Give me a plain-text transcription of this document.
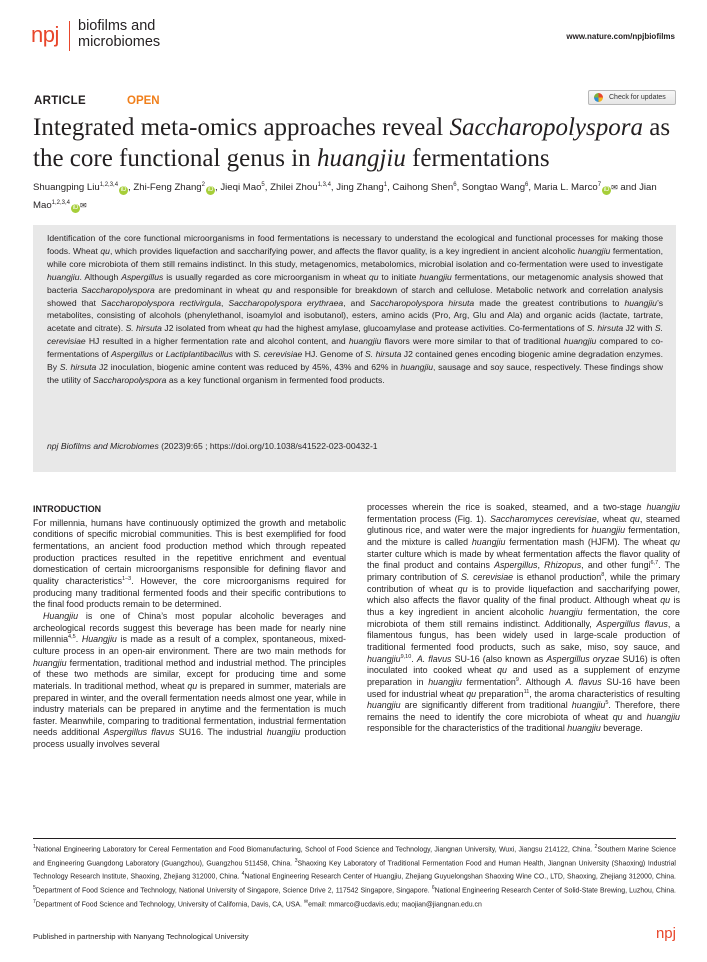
npj biofilms and
microbiomes	www.nature.com/npjbiofilms
ARTICLE	OPEN	Check for updates
Integrated meta-omics approaches reveal Saccharopolyspora as
the core functional genus in huangjiu fermentations
Shuangping Liu$^{1,2,3,4}$iD , Zhi-Feng Zhang$^2$iD , Jieqi Mao$^5$, Zhilei Zhou$^{1,3,4}$, Jing Zhang$^1$, Caihong Shen$^6$, Songtao Wang$^6$, Maria L. Marco$^7$iD ✉ and Jian Mao$^{1,2,3,4}$iD ✉
Identification of the core functional microorganisms in food fermentations is necessary to understand the ecological and functional processes for making those foods. Wheat qu, which provides liquefaction and saccharifying power, and affects the flavor quality, is a key ingredient in ancient alcoholic huangjiu fermentation, while core microbiota of them still remains indistinct. In this study, metagenomics, metabolomics, microbial isolation and co-fermentation were used to investigate huangjiu. Although Aspergillus is usually regarded as core microorganism in wheat qu to initiate huangjiu fermentations, our metagenomic analysis showed that bacteria Saccharopolyspora are predominant in wheat qu and responsible for breakdown of starch and cellulose. Metabolic network and correlation analysis showed that Saccharopolyspora rectivirgula, Saccharopolyspora erythraea, and Saccharopolyspora hirsuta made the greatest contributions to huangjiu’s metabolites, consisting of alcohols (phenylethanol, isoamylol and isobutanol), esters, amino acids (Pro, Arg, Glu and Ala) and organic acids (lactate, tartrate, acetate and citrate). S. hirsuta J2 isolated from wheat qu had the highest amylase, glucoamylase and protease activities. Co-fermentations of S. hirsuta J2 with S. cerevisiae HJ resulted in a higher fermentation rate and alcohol content, and huangjiu flavors were more similar to that of traditional huangjiu compared to co-fermentations of Aspergillus or Lactiplantibacillus with S. cerevisiae HJ. Genome of S. hirsuta J2 contained genes encoding biogenic amine degradation enzymes. By S. hirsuta J2 inoculation, biogenic amine content was reduced by 45%, 43% and 62% in huangjiu, sausage and soy sauce, respectively. These findings show the utility of Saccharopolyspora as a key functional organism in fermented food products.
npj Biofilms and Microbiomes (2023)9:65 ; https://doi.org/10.1038/s41522-023-00432-1
INTRODUCTION

For millennia, humans have continuously optimized the growth and metabolic conditions of specific microbial communities. This is best exemplified for food fermentations, an ancient food production method which through repeated production practices resulted in the repetitive enrichment and eventual domestication of certain microorganisms responsible for defining flavor and quality characteristics$^{1-3}$. However, the core microorganisms required for producing many traditional fermented foods and their specific contributions to the final food products remain to be determined.

Huangjiu is one of China’s most popular alcoholic beverages and archeological records suggest this beverage has been made for nearly nine millennia$^{4,5}$. Huangjiu is made as a result of a complex, spontaneous, mixed-culture process in an open-air environment. There are two main methods for huangjiu fermentation, traditional method and industrial method. The principles of these two methods are similar, except for producing time and some materials. In traditional method, wheat qu is prepared in summer, materials are prepared in winter, and the overall fermentation needs almost one year, while in industry materials can be prepared in anytime and the fermentation is much faster. Meanwhile, comparing to traditional fermentation, industrial fermentation needs additional Aspergillus flavus SU16. The industrial huangjiu production process usually involves several

processes wherein the rice is soaked, steamed, and a two-stage huangjiu fermentation process (Fig. 1). Saccharomyces cerevisiae, wheat qu, steamed glutinous rice, and water were the major ingredients for huangjiu fermentation, and the mixture is called huangjiu fermentation mash (HJFM). The wheat qu starter culture which is made by wheat fermentation affects the flavor quality of the final product and contains Aspergillus, Rhizopus, and other fungi$^{6,7}$. The primary contribution of S. cerevisiae is ethanol production$^8$, while the primary contribution of wheat qu is to provide liquefaction and saccharifying power, which also affects the flavor quality of the final product. Although wheat qu is thus a key ingredient in ancient alcoholic huangjiu fermentation, the core microbiota of them still remains indistinct. Additionally, Aspergillus flavus, a filamentous fungus, has been widely used in large-scale production of traditional fermented food products, such as sake, miso, soy sauce, and huangjiu$^{9,10}$. A. flavus SU-16 (also known as Aspergillus oryzae SU16) is often inoculated into cooked wheat qu and used as a supplement of enzyme preparation in huangjiu fermentation$^9$. Although A. flavus SU-16 have been used for industrial wheat qu preparation$^{11}$, the aroma characteristics of resulting huangjiu are significantly different from traditional huangjiu$^5$. Therefore, there remains the need to identify the core microbiota of wheat qu and huangjiu responsible for the characteristics of the traditional huangjiu beverage.

$^1$National Engineering Laboratory for Cereal Fermentation and Food Biomanufacturing, School of Food Science and Technology, Jiangnan University, Wuxi, Jiangsu 214122, China. $^2$Southern Marine Science and Engineering Guangdong Laboratory (Guangzhou), Guangzhou 511458, China. $^3$Shaoxing Key Laboratory of Traditional Fermentation Food and Human Health, Jiangnan University (Shaoxing) Industrial Technology Research Institute, Shaoxing, Zhejiang 312000, China. $^4$National Engineering Research Center of Huangjiu, Zhejiang Guyuelongshan Shaoxing Wine CO., LTD, Shaoxing, Zhejiang 312000, China. $^5$Department of Food Science and Technology, National University of Singapore, Science Drive 2, 117542 Singapore, Singapore. $^6$National Engineering Research Center of Solid-State Brewing, Luzhou, China. $^7$Department of Food Science and Technology, University of California, Davis, CA, USA. ✉email: mmarco@ucdavis.edu; maojian@jiangnan.edu.cn
Published in partnership with Nanyang Technological University	npj
